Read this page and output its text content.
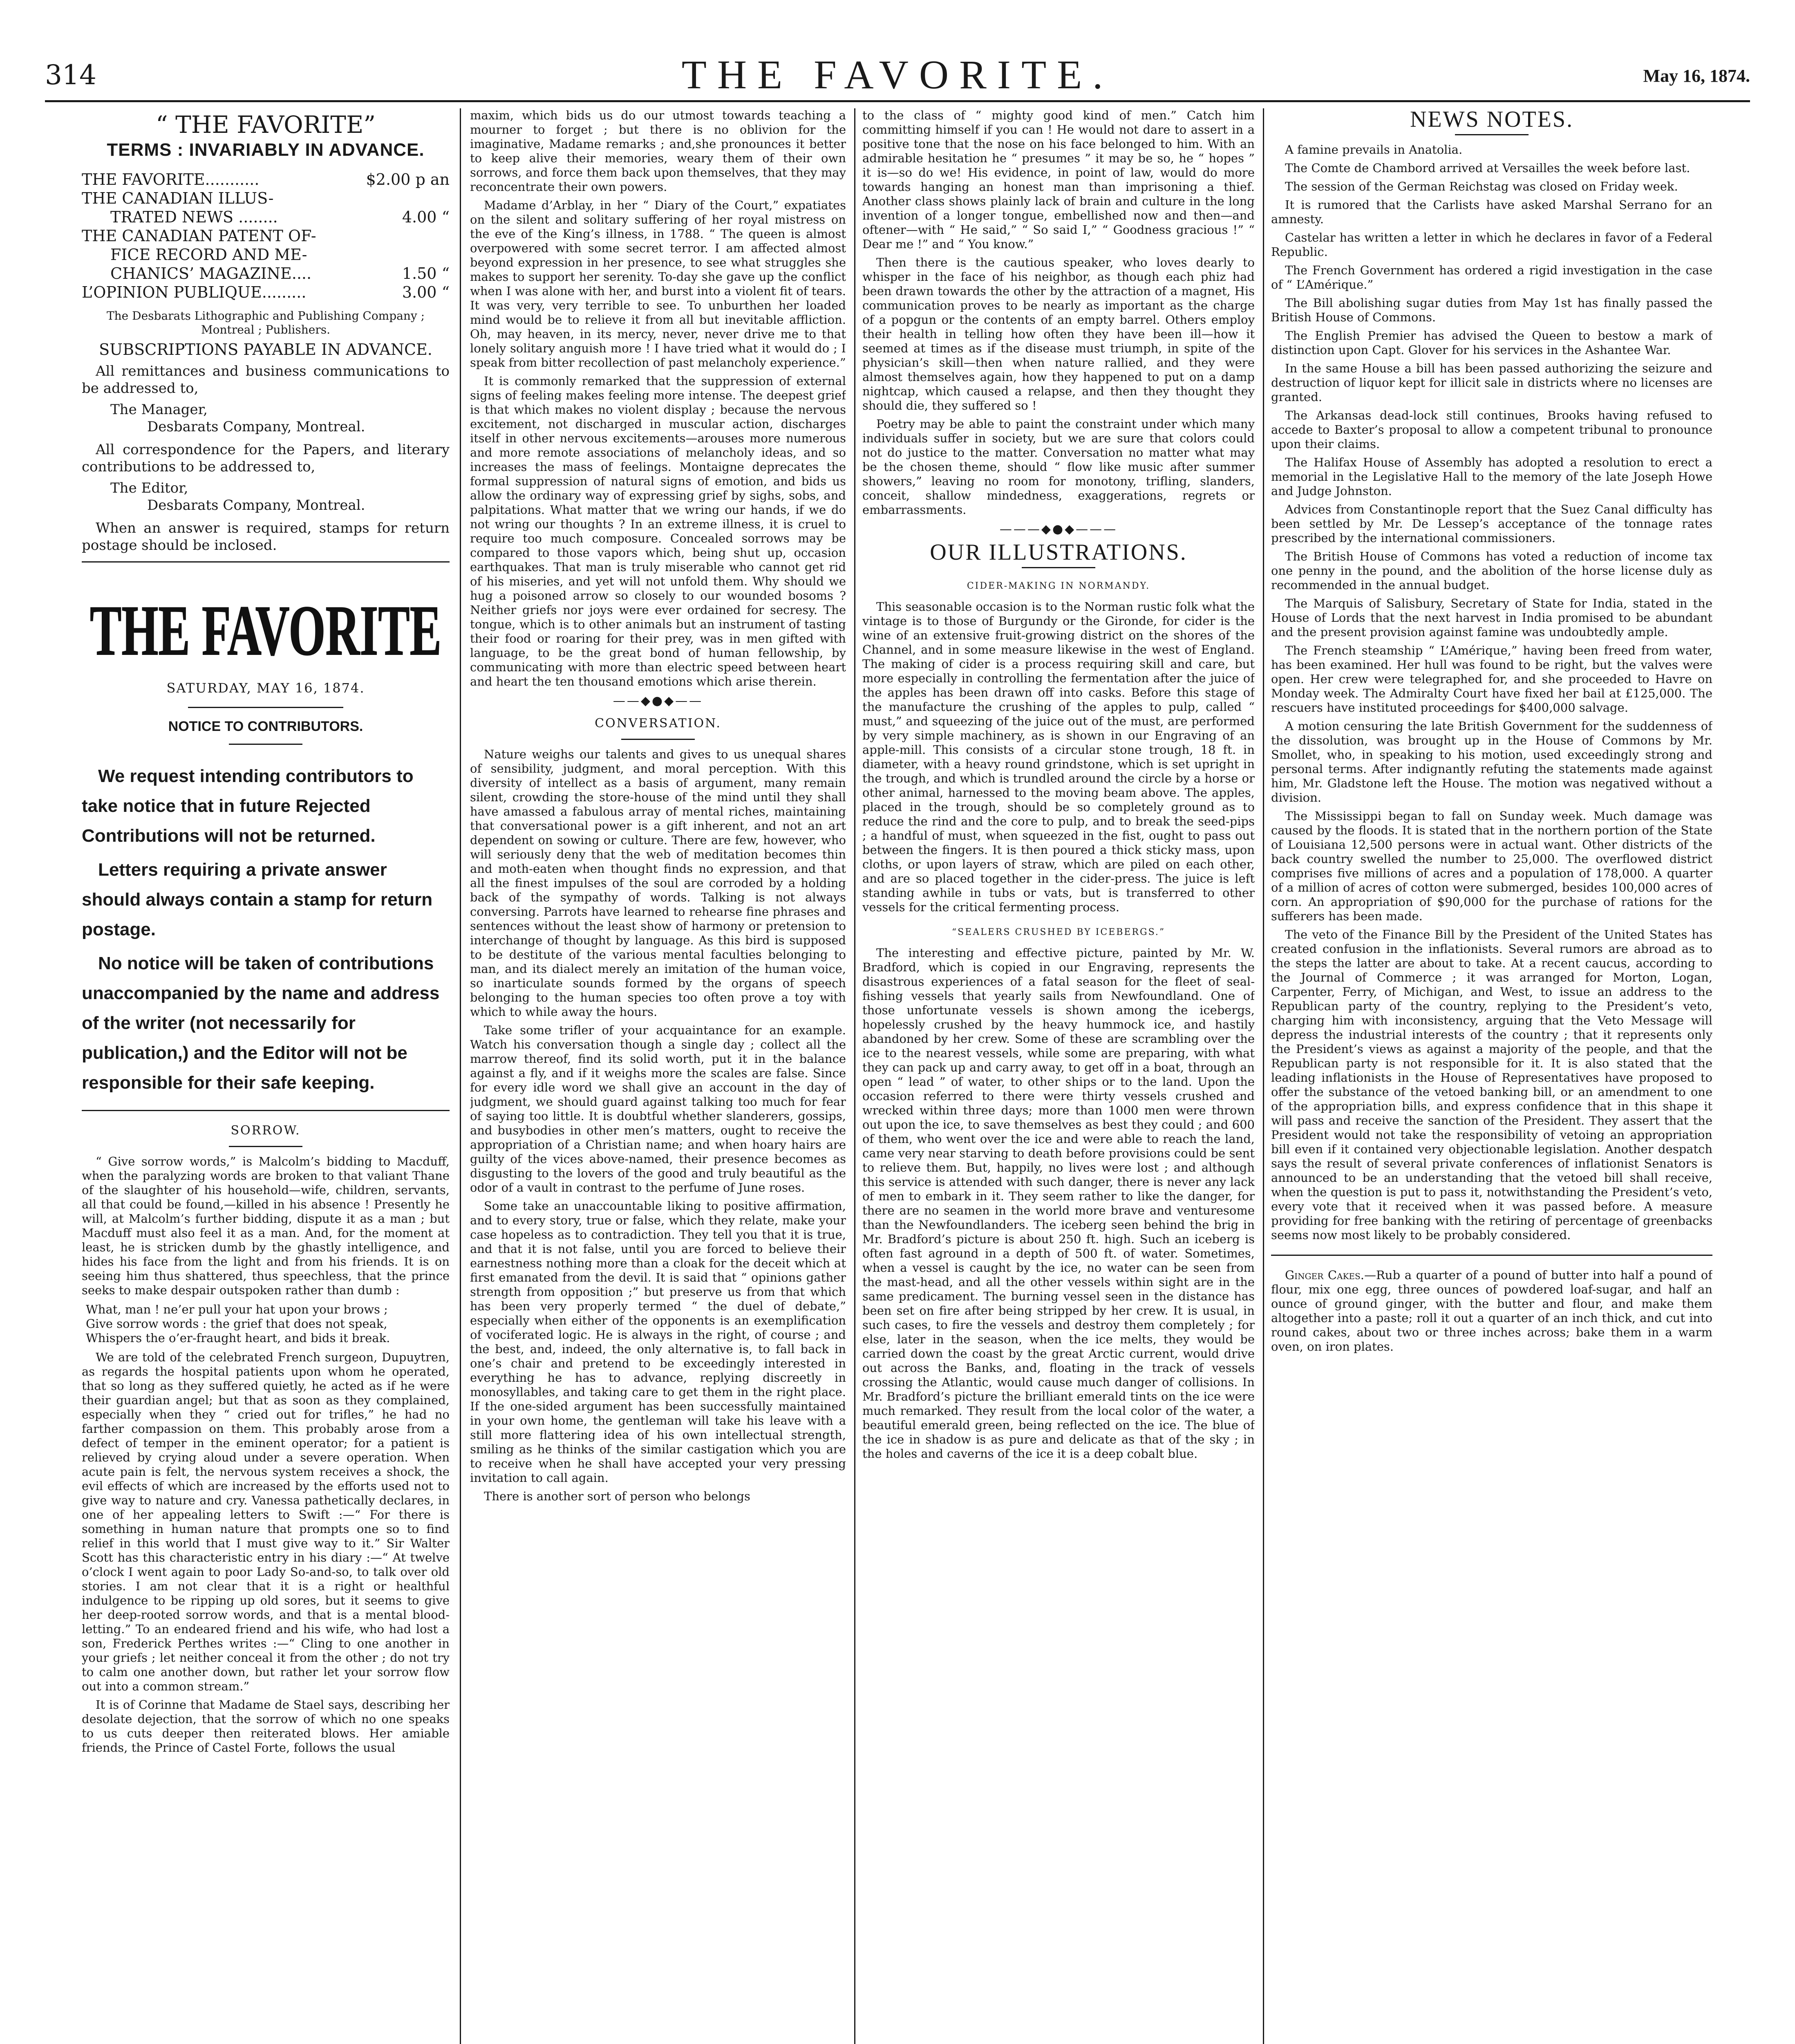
314	THE FAVORITE.	May 16, 1874.
“ THE FAVORITE”
TERMS : INVARIABLY IN ADVANCE.
THE FAVORITE...........	$2.00 p an
THE CANADIAN ILLUS-
TRATED NEWS ........	4.00 “
THE CANADIAN PATENT OF-
FICE RECORD AND ME-
CHANICS’ MAGAZINE....	1.50 “
L’OPINION PUBLIQUE.........	3.00 “
The Desbarats Lithographic and Publishing Company ; Montreal ; Publishers.
SUBSCRIPTIONS PAYABLE IN ADVANCE.

All remittances and business communications to be addressed to,

The Manager,
Desbarats Company, Montreal.

All correspondence for the Papers, and literary contributions to be addressed to,

The Editor,
Desbarats Company, Montreal.

When an answer is required, stamps for return postage should be inclosed.

THE FAVORITE
SATURDAY, MAY 16, 1874.
NOTICE TO CONTRIBUTORS.

We request intending contributors to take notice that in future Rejected Contributions will not be returned.

Letters requiring a private answer should always contain a stamp for return postage.

No notice will be taken of contributions unaccompanied by the name and address of the writer (not necessarily for publication,) and the Editor will not be responsible for their safe keeping.

SORROW.

“ Give sorrow words,” is Malcolm’s bidding to Macduff, when the paralyzing words are broken to that valiant Thane of the slaughter of his household—wife, children, servants, all that could be found,—killed in his absence ! Presently he will, at Malcolm’s further bidding, dispute it as a man ; but Macduff must also feel it as a man. And, for the moment at least, he is stricken dumb by the ghastly intelligence, and hides his face from the light and from his friends. It is on seeing him thus shattered, thus speechless, that the prince seeks to make despair outspoken rather than dumb :

What, man ! ne’er pull your hat upon your brows ;
Give sorrow words : the grief that does not speak,
Whispers the o’er-fraught heart, and bids it break.

We are told of the celebrated French surgeon, Dupuytren, as regards the hospital patients upon whom he operated, that so long as they suffered quietly, he acted as if he were their guardian angel; but that as soon as they complained, especially when they “ cried out for trifles,” he had no farther compassion on them. This probably arose from a defect of temper in the eminent operator; for a patient is relieved by crying aloud under a severe operation. When acute pain is felt, the nervous system receives a shock, the evil effects of which are increased by the efforts used not to give way to nature and cry. Vanessa pathetically declares, in one of her appealing letters to Swift :—“ For there is something in human nature that prompts one so to find relief in this world that I must give way to it.” Sir Walter Scott has this characteristic entry in his diary :—“ At twelve o’clock I went again to poor Lady So-and-so, to talk over old stories. I am not clear that it is a right or healthful indulgence to be ripping up old sores, but it seems to give her deep-rooted sorrow words, and that is a mental blood-letting.” To an endeared friend and his wife, who had lost a son, Frederick Perthes writes :—“ Cling to one another in your griefs ; let neither conceal it from the other ; do not try to calm one another down, but rather let your sorrow flow out into a common stream.”

It is of Corinne that Madame de Stael says, describing her desolate dejection, that the sorrow of which no one speaks to us cuts deeper then reiterated blows. Her amiable friends, the Prince of Castel Forte, follows the usual

maxim, which bids us do our utmost towards teaching a mourner to forget ; but there is no oblivion for the imaginative, Madame remarks ; and,she pronounces it better to keep alive their memories, weary them of their own sorrows, and force them back upon themselves, that they may reconcentrate their own powers.

Madame d’Arblay, in her “ Diary of the Court,” expatiates on the silent and solitary suffering of her royal mistress on the eve of the King’s illness, in 1788. “ The queen is almost overpowered with some secret terror. I am affected almost beyond expression in her presence, to see what struggles she makes to support her serenity. To-day she gave up the conflict when I was alone with her, and burst into a violent fit of tears. It was very, very terrible to see. To unburthen her loaded mind would be to relieve it from all but inevitable affliction. Oh, may heaven, in its mercy, never, never drive me to that lonely solitary anguish more ! I have tried what it would do ; I speak from bitter recollection of past melancholy experience.”

It is commonly remarked that the suppression of external signs of feeling makes feeling more intense. The deepest grief is that which makes no violent display ; because the nervous excitement, not discharged in muscular action, discharges itself in other nervous excitements—arouses more numerous and more remote associations of melancholy ideas, and so increases the mass of feelings. Montaigne deprecates the formal suppression of natural signs of emotion, and bids us allow the ordinary way of expressing grief by sighs, sobs, and palpitations. What matter that we wring our hands, if we do not wring our thoughts ? In an extreme illness, it is cruel to require too much composure. Concealed sorrows may be compared to those vapors which, being shut up, occasion earthquakes. That man is truly miserable who cannot get rid of his miseries, and yet will not unfold them. Why should we hug a poisoned arrow so closely to our wounded bosoms ? Neither griefs nor joys were ever ordained for secresy. The tongue, which is to other animals but an instrument of tasting their food or roaring for their prey, was in men gifted with language, to be the great bond of human fellowship, by communicating with more than electric speed between heart and heart the ten thousand emotions which arise therein.

——◆●◆——
CONVERSATION.

Nature weighs our talents and gives to us unequal shares of sensibility, judgment, and moral perception. With this diversity of intellect as a basis of argument, many remain silent, crowding the store-house of the mind until they shall have amassed a fabulous array of mental riches, maintaining that conversational power is a gift inherent, and not an art dependent on sowing or culture. There are few, however, who will seriously deny that the web of meditation becomes thin and moth-eaten when thought finds no expression, and that all the finest impulses of the soul are corroded by a holding back of the sympathy of words. Talking is not always conversing. Parrots have learned to rehearse fine phrases and sentences without the least show of harmony or pretension to interchange of thought by language. As this bird is supposed to be destitute of the various mental faculties belonging to man, and its dialect merely an imitation of the human voice, so inarticulate sounds formed by the organs of speech belonging to the human species too often prove a toy with which to while away the hours.

Take some trifler of your acquaintance for an example. Watch his conversation though a single day ; collect all the marrow thereof, find its solid worth, put it in the balance against a fly, and if it weighs more the scales are false. Since for every idle word we shall give an account in the day of judgment, we should guard against talking too much for fear of saying too little. It is doubtful whether slanderers, gossips, and busybodies in other men’s matters, ought to receive the appropriation of a Christian name; and when hoary hairs are guilty of the vices above-named, their presence becomes as disgusting to the lovers of the good and truly beautiful as the odor of a vault in contrast to the perfume of June roses.

Some take an unaccountable liking to positive affirmation, and to every story, true or false, which they relate, make your case hopeless as to contradiction. They tell you that it is true, and that it is not false, until you are forced to believe their earnestness nothing more than a cloak for the deceit which at first emanated from the devil. It is said that “ opinions gather strength from opposition ;” but preserve us from that which has been very properly termed “ the duel of debate,” especially when either of the opponents is an exemplification of vociferated logic. He is always in the right, of course ; and the best, and, indeed, the only alternative is, to fall back in one’s chair and pretend to be exceedingly interested in everything he has to advance, replying discreetly in monosyllables, and taking care to get them in the right place. If the one-sided argument has been successfully maintained in your own home, the gentleman will take his leave with a still more flattering idea of his own intellectual strength, smiling as he thinks of the similar castigation which you are to receive when he shall have accepted your very pressing invitation to call again.

There is another sort of person who belongs

to the class of “ mighty good kind of men.” Catch him committing himself if you can ! He would not dare to assert in a positive tone that the nose on his face belonged to him. With an admirable hesitation he “ presumes ” it may be so, he “ hopes ” it is—so do we! His evidence, in point of law, would do more towards hanging an honest man than imprisoning a thief. Another class shows plainly lack of brain and culture in the long invention of a longer tongue, embellished now and then—and oftener—with “ He said,” “ So said I,” “ Goodness gracious !” “ Dear me !” and “ You know.”

Then there is the cautious speaker, who loves dearly to whisper in the face of his neighbor, as though each phiz had been drawn towards the other by the attraction of a magnet, His communication proves to be nearly as important as the charge of a popgun or the contents of an empty barrel. Others employ their health in telling how often they have been ill—how it seemed at times as if the disease must triumph, in spite of the physician’s skill—then when nature rallied, and they were almost themselves again, how they happened to put on a damp nightcap, which caused a relapse, and then they thought they should die, they suffered so !

Poetry may be able to paint the constraint under which many individuals suffer in society, but we are sure that colors could not do justice to the matter. Conversation no matter what may be the chosen theme, should “ flow like music after summer showers,” leaving no room for monotony, trifling, slanders, conceit, shallow mindedness, exaggerations, regrets or embarrassments.

———◆●◆———
OUR ILLUSTRATIONS.
CIDER-MAKING IN NORMANDY.

This seasonable occasion is to the Norman rustic folk what the vintage is to those of Burgundy or the Gironde, for cider is the wine of an extensive fruit-growing district on the shores of the Channel, and in some measure likewise in the west of England. The making of cider is a process requiring skill and care, but more especially in controlling the fermentation after the juice of the apples has been drawn off into casks. Before this stage of the manufacture the crushing of the apples to pulp, called “ must,” and squeezing of the juice out of the must, are performed by very simple machinery, as is shown in our Engraving of an apple-mill. This consists of a circular stone trough, 18 ft. in diameter, with a heavy round grindstone, which is set upright in the trough, and which is trundled around the circle by a horse or other animal, harnessed to the moving beam above. The apples, placed in the trough, should be so completely ground as to reduce the rind and the core to pulp, and to break the seed-pips ; a handful of must, when squeezed in the fist, ought to pass out between the fingers. It is then poured a thick sticky mass, upon cloths, or upon layers of straw, which are piled on each other, and are so placed together in the cider-press. The juice is left standing awhile in tubs or vats, but is transferred to other vessels for the critical fermenting process.

“SEALERS CRUSHED BY ICEBERGS.”

The interesting and effective picture, painted by Mr. W. Bradford, which is copied in our Engraving, represents the disastrous experiences of a fatal season for the fleet of seal-fishing vessels that yearly sails from Newfoundland. One of those unfortunate vessels is shown among the icebergs, hopelessly crushed by the heavy hummock ice, and hastily abandoned by her crew. Some of these are scrambling over the ice to the nearest vessels, while some are preparing, with what they can pack up and carry away, to get off in a boat, through an open “ lead ” of water, to other ships or to the land. Upon the occasion referred to there were thirty vessels crushed and wrecked within three days; more than 1000 men were thrown out upon the ice, to save themselves as best they could ; and 600 of them, who went over the ice and were able to reach the land, came very near starving to death before provisions could be sent to relieve them. But, happily, no lives were lost ; and although this service is attended with such danger, there is never any lack of men to embark in it. They seem rather to like the danger, for there are no seamen in the world more brave and venturesome than the Newfoundlanders. The iceberg seen behind the brig in Mr. Bradford’s picture is about 250 ft. high. Such an iceberg is often fast aground in a depth of 500 ft. of water. Sometimes, when a vessel is caught by the ice, no water can be seen from the mast-head, and all the other vessels within sight are in the same predicament. The burning vessel seen in the distance has been set on fire after being stripped by her crew. It is usual, in such cases, to fire the vessels and destroy them completely ; for else, later in the season, when the ice melts, they would be carried down the coast by the great Arctic current, would drive out across the Banks, and, floating in the track of vessels crossing the Atlantic, would cause much danger of collisions. In Mr. Bradford’s picture the brilliant emerald tints on the ice were much remarked. They result from the local color of the water, a beautiful emerald green, being reflected on the ice. The blue of the ice in shadow is as pure and delicate as that of the sky ; in the holes and caverns of the ice it is a deep cobalt blue.

NEWS NOTES.

A famine prevails in Anatolia.

The Comte de Chambord arrived at Versailles the week before last.

The session of the German Reichstag was closed on Friday week.

It is rumored that the Carlists have asked Marshal Serrano for an amnesty.

Castelar has written a letter in which he declares in favor of a Federal Republic.

The French Government has ordered a rigid investigation in the case of “ L’Amérique.”

The Bill abolishing sugar duties from May 1st has finally passed the British House of Commons.

The English Premier has advised the Queen to bestow a mark of distinction upon Capt. Glover for his services in the Ashantee War.

In the same House a bill has been passed authorizing the seizure and destruction of liquor kept for illicit sale in districts where no licenses are granted.

The Arkansas dead-lock still continues, Brooks having refused to accede to Baxter’s proposal to allow a competent tribunal to pronounce upon their claims.

The Halifax House of Assembly has adopted a resolution to erect a memorial in the Legislative Hall to the memory of the late Joseph Howe and Judge Johnston.

Advices from Constantinople report that the Suez Canal difficulty has been settled by Mr. De Lessep’s acceptance of the tonnage rates prescribed by the international commissioners.

The British House of Commons has voted a reduction of income tax one penny in the pound, and the abolition of the horse license duly as recommended in the annual budget.

The Marquis of Salisbury, Secretary of State for India, stated in the House of Lords that the next harvest in India promised to be abundant and the present provision against famine was undoubtedly ample.

The French steamship “ L’Amérique,” having been freed from water, has been examined. Her hull was found to be right, but the valves were open. Her crew were telegraphed for, and she proceeded to Havre on Monday week. The Admiralty Court have fixed her bail at £125,000. The rescuers have instituted proceedings for $400,000 salvage.

A motion censuring the late British Government for the suddenness of the dissolution, was brought up in the House of Commons by Mr. Smollet, who, in speaking to his motion, used exceedingly strong and personal terms. After indignantly refuting the statements made against him, Mr. Gladstone left the House. The motion was negatived without a division.

The Mississippi began to fall on Sunday week. Much damage was caused by the floods. It is stated that in the northern portion of the State of Louisiana 12,500 persons were in actual want. Other districts of the back country swelled the number to 25,000. The overflowed district comprises five millions of acres and a population of 178,000. A quarter of a million of acres of cotton were submerged, besides 100,000 acres of corn. An appropriation of $90,000 for the purchase of rations for the sufferers has been made.

The veto of the Finance Bill by the President of the United States has created confusion in the inflationists. Several rumors are abroad as to the steps the latter are about to take. At a recent caucus, according to the Journal of Commerce ; it was arranged for Morton, Logan, Carpenter, Ferry, of Michigan, and West, to issue an address to the Republican party of the country, replying to the President’s veto, charging him with inconsistency, arguing that the Veto Message will depress the industrial interests of the country ; that it represents only the President’s views as against a majority of the people, and that the Republican party is not responsible for it. It is also stated that the leading inflationists in the House of Representatives have proposed to offer the substance of the vetoed banking bill, or an amendment to one of the appropriation bills, and express confidence that in this shape it will pass and receive the sanction of the President. They assert that the President would not take the responsibility of vetoing an appropriation bill even if it contained very objectionable legislation. Another despatch says the result of several private conferences of inflationist Senators is announced to be an understanding that the vetoed bill shall receive, when the question is put to pass it, notwithstanding the President’s veto, every vote that it received when it was passed before. A measure providing for free banking with the retiring of percentage of greenbacks seems now most likely to be probably considered.

Ginger Cakes.—Rub a quarter of a pound of butter into half a pound of flour, mix one egg, three ounces of powdered loaf-sugar, and half an ounce of ground ginger, with the butter and flour, and make them altogether into a paste; roll it out a quarter of an inch thick, and cut into round cakes, about two or three inches across; bake them in a warm oven, on iron plates.
